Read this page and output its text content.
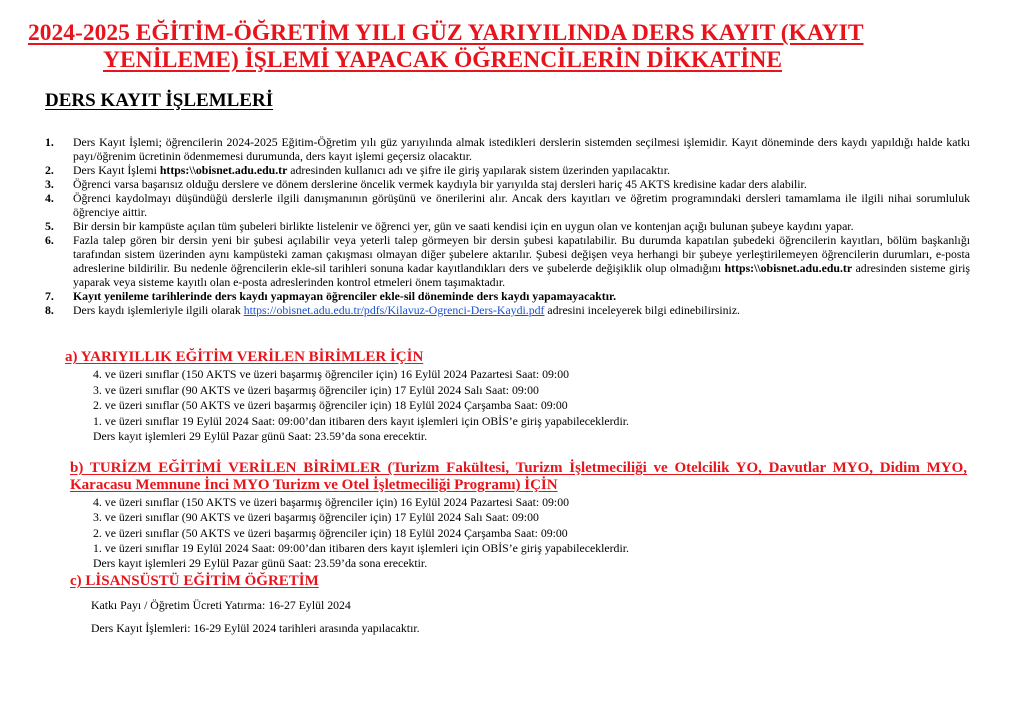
2024-2025 EĞİTİM-ÖĞRETİM YILI GÜZ YARIYILINDA DERS KAYIT (KAYIT
YENİLEME) İŞLEMİ YAPACAK ÖĞRENCİLERİN DİKKATİNE
DERS KAYIT İŞLEMLERİ
1. Ders Kayıt İşlemi; öğrencilerin 2024-2025 Eğitim-Öğretim yılı güz yarıyılında almak istedikleri derslerin sistemden seçilmesi işlemidir. Kayıt döneminde ders kaydı yapıldığı halde katkı payı/öğrenim ücretinin ödenmemesi durumunda, ders kayıt işlemi geçersiz olacaktır.
2. Ders Kayıt İşlemi https:\\obisnet.adu.edu.tr adresinden kullanıcı adı ve şifre ile giriş yapılarak sistem üzerinden yapılacaktır.
3. Öğrenci varsa başarısız olduğu derslere ve dönem derslerine öncelik vermek kaydıyla bir yarıyılda staj dersleri hariç 45 AKTS kredisine kadar ders alabilir.
4. Öğrenci kaydolmayı düşündüğü derslerle ilgili danışmanının görüşünü ve önerilerini alır. Ancak ders kayıtları ve öğretim programındaki dersleri tamamlama ile ilgili nihai sorumluluk öğrenciye aittir.
5. Bir dersin bir kampüste açılan tüm şubeleri birlikte listelenir ve öğrenci yer, gün ve saati kendisi için en uygun olan ve kontenjan açığı bulunan şubeye kaydını yapar.
6. Fazla talep gören bir dersin yeni bir şubesi açılabilir veya yeterli talep görmeyen bir dersin şubesi kapatılabilir. Bu durumda kapatılan şubedeki öğrencilerin kayıtları, bölüm başkanlığı tarafından sistem üzerinden aynı kampüsteki zaman çakışması olmayan diğer şubelere aktarılır. Şubesi değişen veya herhangi bir şubeye yerleştirilemeyen öğrencilerin durumları, e-posta adreslerine bildirilir. Bu nedenle öğrencilerin ekle-sil tarihleri sonuna kadar kayıtlandıkları ders ve şubelerde değişiklik olup olmadığını https:\\obisnet.adu.edu.tr adresinden sisteme giriş yaparak veya sisteme kayıtlı olan e-posta adreslerinden kontrol etmeleri önem taşımaktadır.
7. Kayıt yenileme tarihlerinde ders kaydı yapmayan öğrenciler ekle-sil döneminde ders kaydı yapamayacaktır.
8. Ders kaydı işlemleriyle ilgili olarak https://obisnet.adu.edu.tr/pdfs/Kilavuz-Ogrenci-Ders-Kaydi.pdf adresini inceleyerek bilgi edinebilirsiniz.
a) YARIYILLIK EĞİTİM VERİLEN BİRİMLER İÇİN
4. ve üzeri sınıflar (150 AKTS ve üzeri başarmış öğrenciler için) 16 Eylül 2024 Pazartesi Saat: 09:00
3. ve üzeri sınıflar (90 AKTS ve üzeri başarmış öğrenciler için) 17 Eylül 2024 Salı Saat: 09:00
2. ve üzeri sınıflar (50 AKTS ve üzeri başarmış öğrenciler için) 18 Eylül 2024 Çarşamba Saat: 09:00
1. ve üzeri sınıflar 19 Eylül 2024 Saat: 09:00’dan itibaren ders kayıt işlemleri için OBİS’e giriş yapabileceklerdir.
Ders kayıt işlemleri 29 Eylül Pazar günü Saat: 23.59’da sona erecektir.
b) TURİZM EĞİTİMİ VERİLEN BİRİMLER (Turizm Fakültesi, Turizm İşletmeciliği ve Otelcilik YO, Davutlar MYO, Didim MYO, Karacasu Memnune İnci MYO Turizm ve Otel İşletmeciliği Programı) İÇİN
4. ve üzeri sınıflar (150 AKTS ve üzeri başarmış öğrenciler için) 16 Eylül 2024 Pazartesi Saat: 09:00
3. ve üzeri sınıflar (90 AKTS ve üzeri başarmış öğrenciler için) 17 Eylül 2024 Salı Saat: 09:00
2. ve üzeri sınıflar (50 AKTS ve üzeri başarmış öğrenciler için) 18 Eylül 2024 Çarşamba Saat: 09:00
1. ve üzeri sınıflar 19 Eylül 2024 Saat: 09:00’dan itibaren ders kayıt işlemleri için OBİS’e giriş yapabileceklerdir.
Ders kayıt işlemleri 29 Eylül Pazar günü Saat: 23.59’da sona erecektir.
c) LİSANSÜSTÜ EĞİTİM ÖĞRETİM
Katkı Payı / Öğretim Ücreti Yatırma: 16-27 Eylül 2024
Ders Kayıt İşlemleri: 16-29 Eylül 2024 tarihleri arasında yapılacaktır.
